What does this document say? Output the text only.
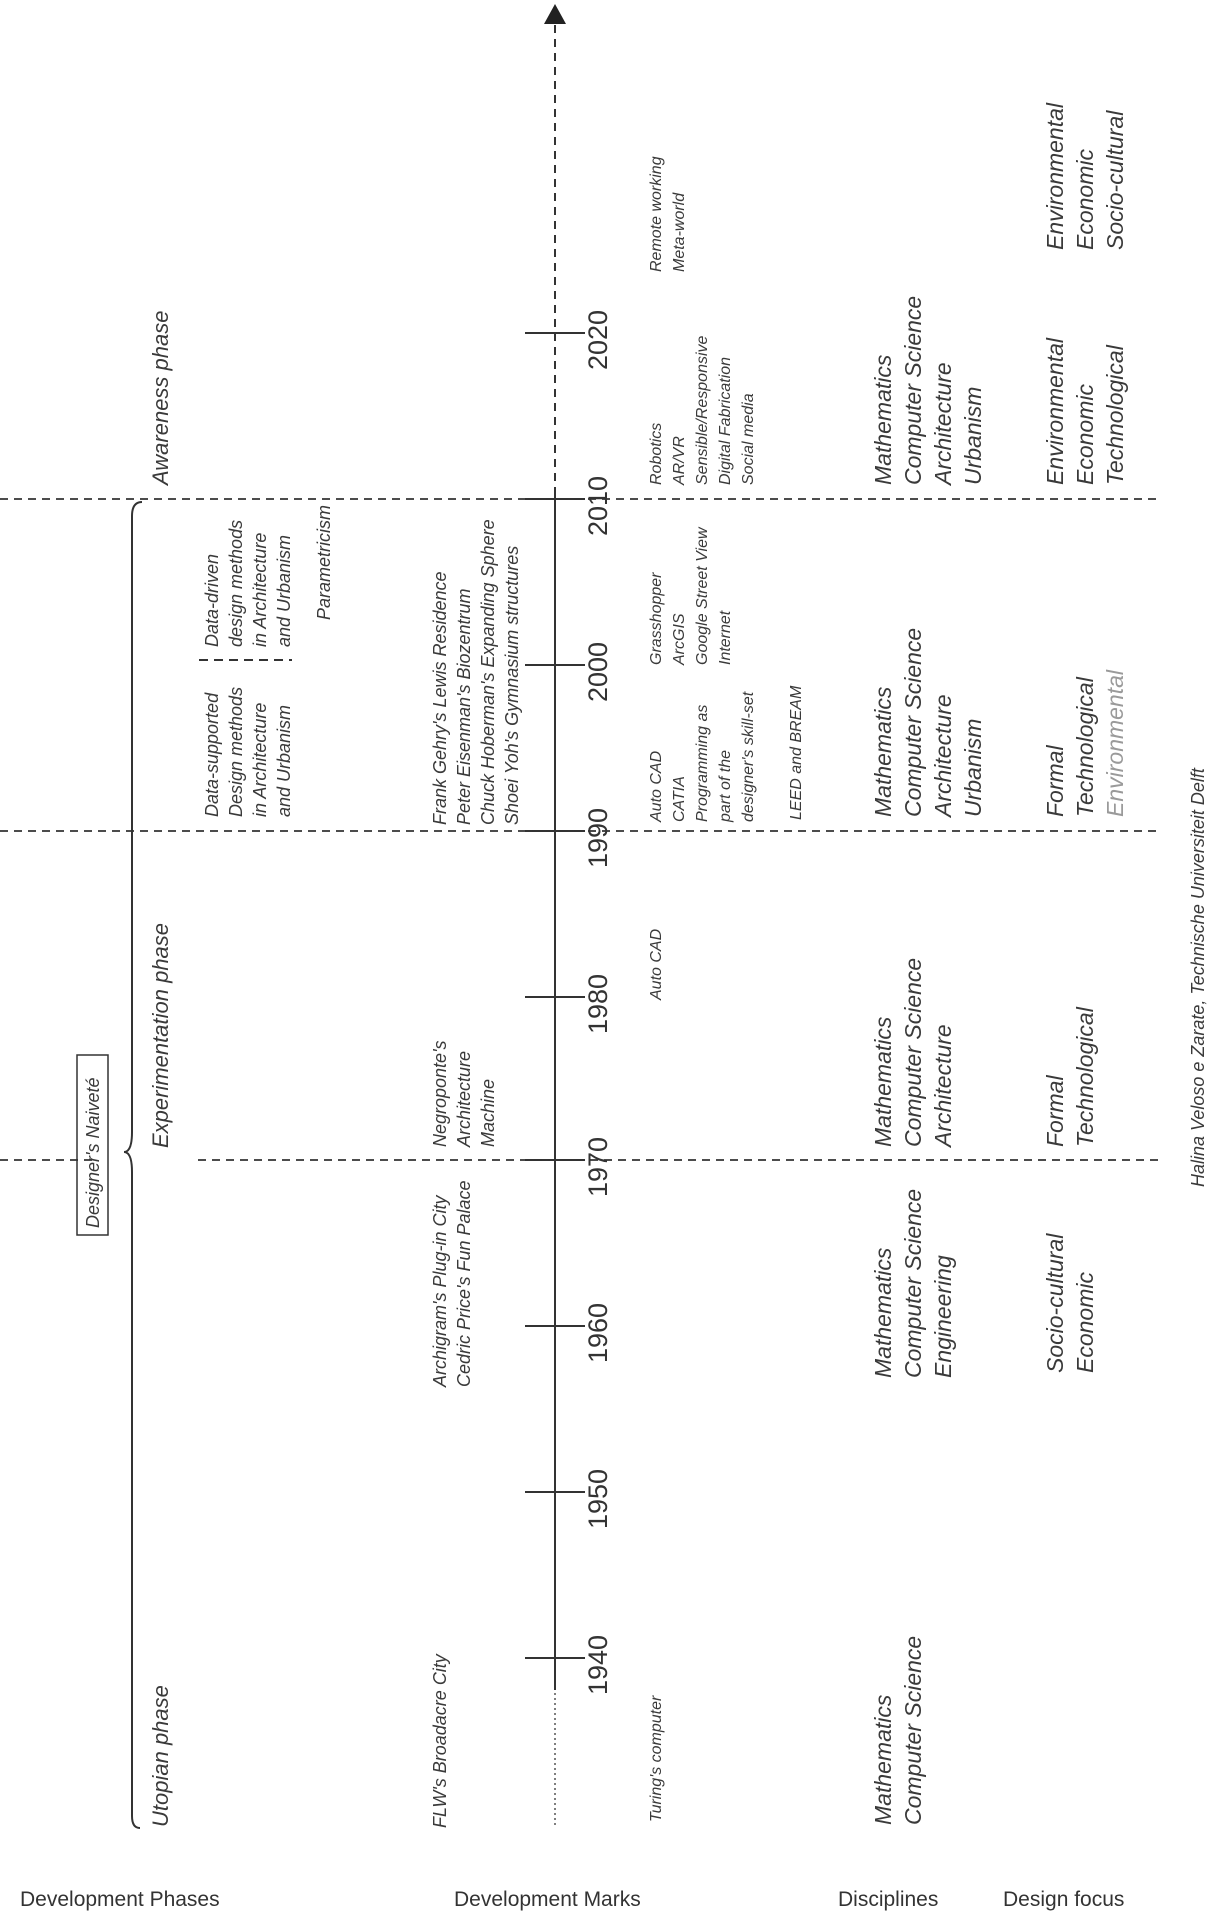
Development Phases	Development Marks	Disciplines	Design focus
1940
1950
1960
1970
1980
1990
2000
2010
2020
Utopian phase
Experimentation phase
Awareness phase
Designer's Naiveté
Data-supported Design methods in Architecture and Urbanism
Data-driven design methods in Architecture and Urbanism Parametricism
FLW's Broadacre City
Archigram's Plug-in City Cedric Price's Fun Palace
Negroponte's Architecture Machine
Frank Gehry's Lewis Residence Peter Eisenman's Biozentrum Chuck Hoberman's Expanding Sphere Shoei Yoh's Gymnasium structures
Turing's computer
Auto CAD
Auto CAD CATIA Programming as part of the designer's skill-set LEED and BREAM
Grasshopper ArcGIS Google Street View Internet
Robotics AR/VR Sensible/Responsive Digital Fabrication Social media
Remote working Meta-world
Mathematics Computer Science
Mathematics Computer Science Engineering
Mathematics Computer Science Architecture
Mathematics Computer Science Architecture Urbanism
Mathematics Computer Science Architecture Urbanism
Socio-cultural Economic
Formal Technological
Formal Technological Environmental
Environmental Economic Technological
Environmental Economic Socio-cultural
Halina Veloso e Zarate, Technische Universiteit Delft
